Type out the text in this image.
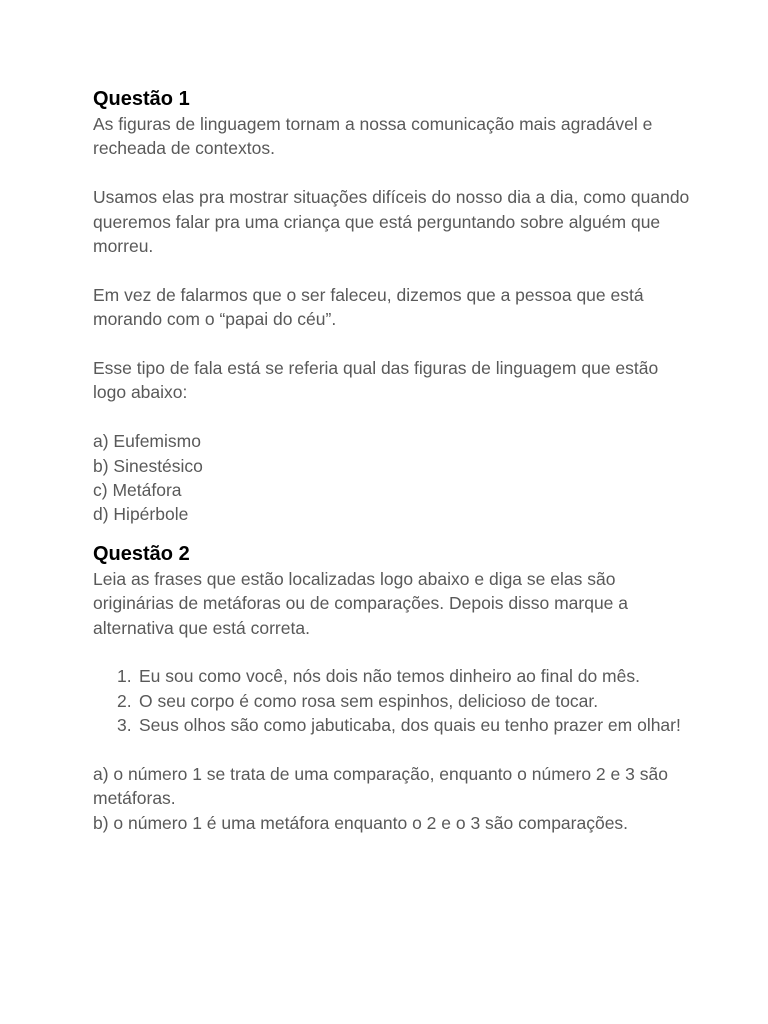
Questão 1

As figuras de linguagem tornam a nossa comunicação mais agradável e recheada de contextos.

Usamos elas pra mostrar situações difíceis do nosso dia a dia, como quando queremos falar pra uma criança que está perguntando sobre alguém que morreu.

Em vez de falarmos que o ser faleceu, dizemos que a pessoa que está morando com o “papai do céu”.

Esse tipo de fala está se referia qual das figuras de linguagem que estão logo abaixo:

a) Eufemismo

b) Sinestésico

c) Metáfora

d) Hipérbole

Questão 2

Leia as frases que estão localizadas logo abaixo e diga se elas são originárias de metáforas ou de comparações. Depois disso marque a alternativa que está correta.

1. Eu sou como você, nós dois não temos dinheiro ao final do mês.
2. O seu corpo é como rosa sem espinhos, delicioso de tocar.
3. Seus olhos são como jabuticaba, dos quais eu tenho prazer em olhar!

a) o número 1 se trata de uma comparação, enquanto o número 2 e 3 são metáforas.

b) o número 1 é uma metáfora enquanto o 2 e o 3 são comparações.
